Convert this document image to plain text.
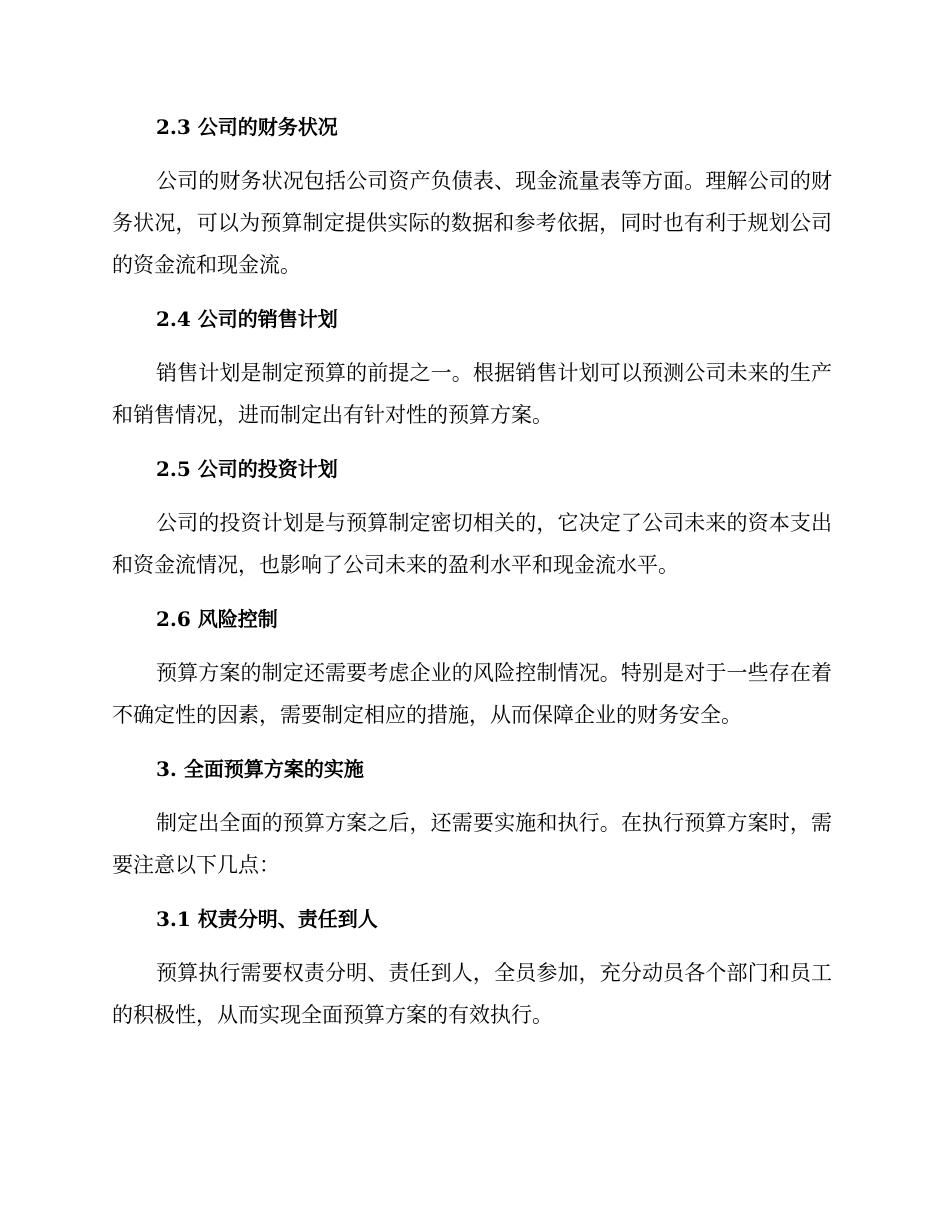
2.3 公司的财务状况

公司的财务状况包括公司资产负债表、现金流量表等方面。理解公司的财务状况，可以为预算制定提供实际的数据和参考依据，同时也有利于规划公司的资金流和现金流。

2.4 公司的销售计划

销售计划是制定预算的前提之一。根据销售计划可以预测公司未来的生产和销售情况，进而制定出有针对性的预算方案。

2.5 公司的投资计划

公司的投资计划是与预算制定密切相关的，它决定了公司未来的资本支出和资金流情况，也影响了公司未来的盈利水平和现金流水平。

2.6 风险控制

预算方案的制定还需要考虑企业的风险控制情况。特别是对于一些存在着不确定性的因素，需要制定相应的措施，从而保障企业的财务安全。

3. 全面预算方案的实施

制定出全面的预算方案之后，还需要实施和执行。在执行预算方案时，需要注意以下几点：

3.1 权责分明、责任到人

预算执行需要权责分明、责任到人，全员参加，充分动员各个部门和员工的积极性，从而实现全面预算方案的有效执行。
